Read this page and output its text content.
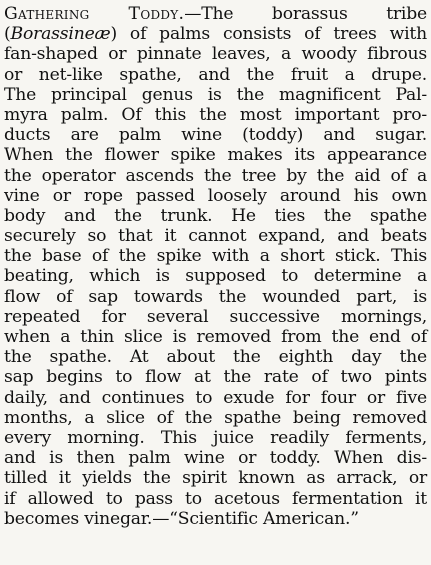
Gathering Toddy.—The borassus tribe
(Borassineæ) of palms consists of trees with
fan-shaped or pinnate leaves, a woody fibrous
or net-like spathe, and the fruit a drupe.
The principal genus is the magnificent Pal-
myra palm. Of this the most important pro-
ducts are palm wine (toddy) and sugar.
When the flower spike makes its appearance
the operator ascends the tree by the aid of a
vine or rope passed loosely around his own
body and the trunk. He ties the spathe
securely so that it cannot expand, and beats
the base of the spike with a short stick. This
beating, which is supposed to determine a
flow of sap towards the wounded part, is
repeated for several successive mornings,
when a thin slice is removed from the end of
the spathe. At about the eighth day the
sap begins to flow at the rate of two pints
daily, and continues to exude for four or five
months, a slice of the spathe being removed
every morning. This juice readily ferments,
and is then palm wine or toddy. When dis-
tilled it yields the spirit known as arrack, or
if allowed to pass to acetous fermentation it
becomes vinegar.—“Scientific American.”
